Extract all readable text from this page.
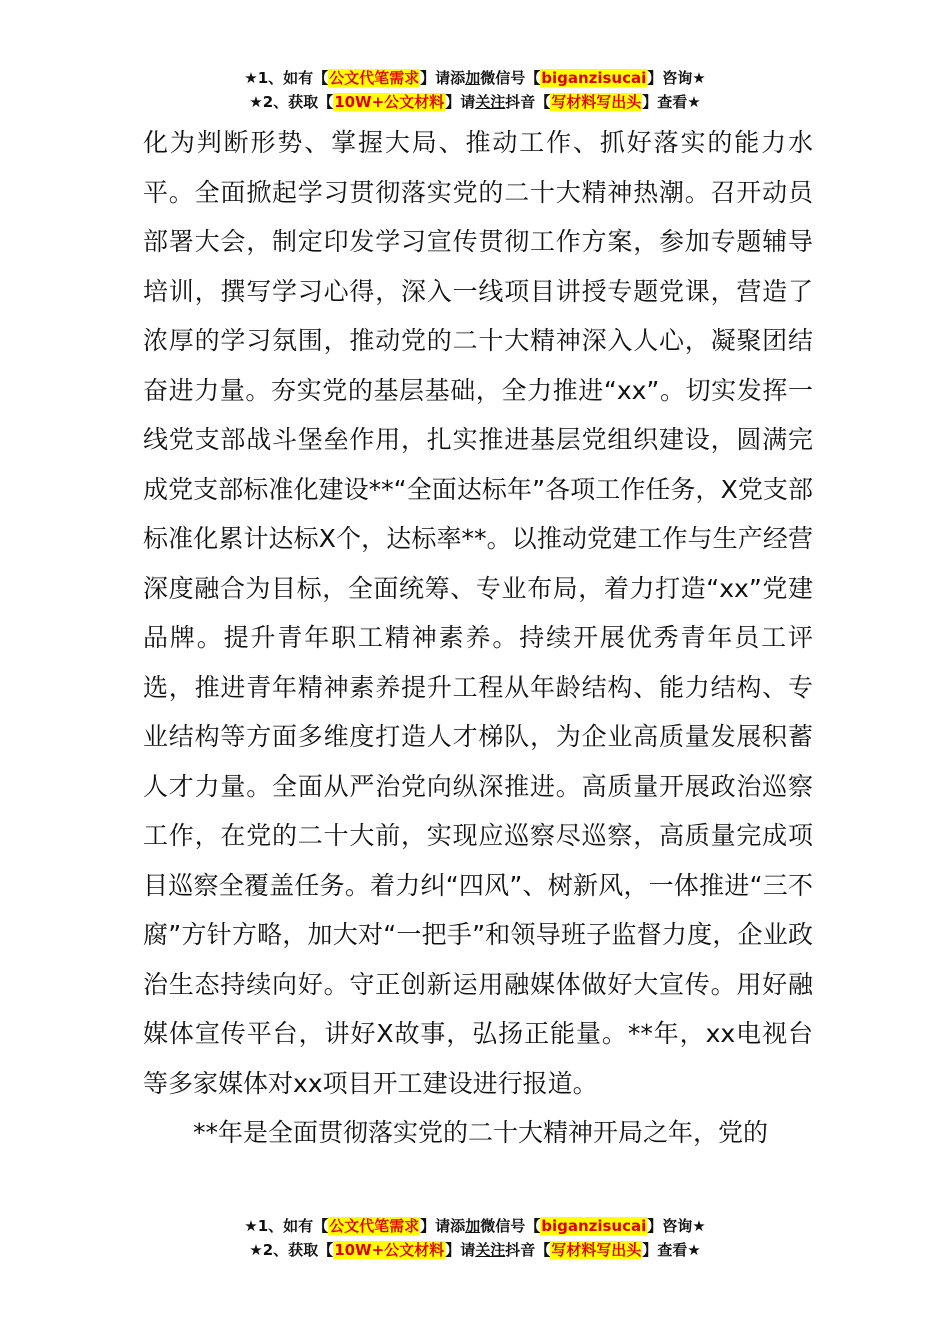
★1、如有【公文代笔需求】请添加微信号【biganzisucai】咨询★
★2、获取【10W+公文材料】请关注抖音【写材料写出头】查看★

化为判断形势、掌握大局、推动工作、抓好落实的能力水平。全面掀起学习贯彻落实党的二十大精神热潮。召开动员部署大会，制定印发学习宣传贯彻工作方案，参加专题辅导培训，撰写学习心得，深入一线项目讲授专题党课，营造了浓厚的学习氛围，推动党的二十大精神深入人心，凝聚团结奋进力量。夯实党的基层基础，全力推进“xx”。切实发挥一线党支部战斗堡垒作用，扎实推进基层党组织建设，圆满完成党支部标准化建设**“全面达标年”各项工作任务，X党支部标准化累计达标X个，达标率**。以推动党建工作与生产经营深度融合为目标，全面统筹、专业布局，着力打造“xx”党建品牌。提升青年职工精神素养。持续开展优秀青年员工评选，推进青年精神素养提升工程从年龄结构、能力结构、专业结构等方面多维度打造人才梯队，为企业高质量发展积蓄人才力量。全面从严治党向纵深推进。高质量开展政治巡察工作，在党的二十大前，实现应巡察尽巡察，高质量完成项目巡察全覆盖任务。着力纠“四风”、树新风，一体推进“三不腐”方针方略，加大对“一把手”和领导班子监督力度，企业政治生态持续向好。守正创新运用融媒体做好大宣传。用好融媒体宣传平台，讲好X故事，弘扬正能量。**年，xx电视台等多家媒体对xx项目开工建设进行报道。

**年是全面贯彻落实党的二十大精神开局之年，党的

★1、如有【公文代笔需求】请添加微信号【biganzisucai】咨询★
★2、获取【10W+公文材料】请关注抖音【写材料写出头】查看★
